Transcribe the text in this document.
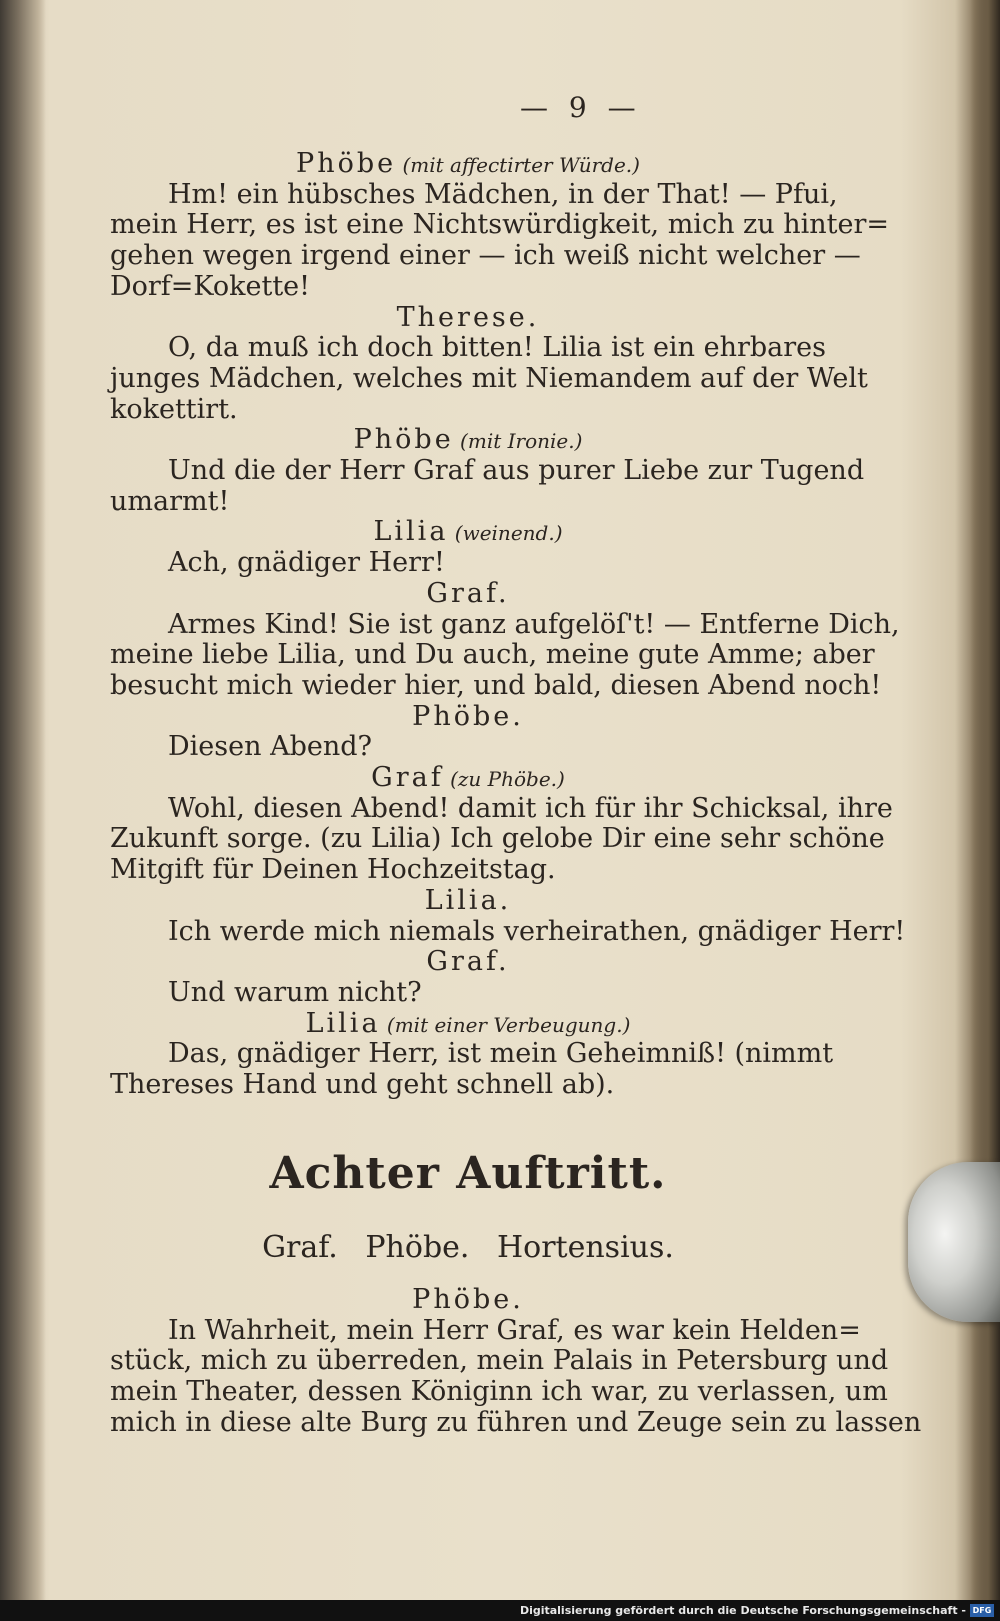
— 9 —
Phöbe (mit affectirter Würde.)
Hm! ein hübsches Mädchen, in der That! — Pfui,
mein Herr, es ist eine Nichtswürdigkeit, mich zu hinter=
gehen wegen irgend einer — ich weiß nicht welcher —
Dorf=Kokette!
Therese.
O, da muß ich doch bitten! Lilia ist ein ehrbares
junges Mädchen, welches mit Niemandem auf der Welt
kokettirt.
Phöbe (mit Ironie.)
Und die der Herr Graf aus purer Liebe zur Tugend
umarmt!
Lilia (weinend.)
Ach, gnädiger Herr!
Graf.
Armes Kind! Sie ist ganz aufgelöſ't! — Entferne Dich,
meine liebe Lilia, und Du auch, meine gute Amme; aber
besucht mich wieder hier, und bald, diesen Abend noch!
Phöbe.
Diesen Abend?
Graf (zu Phöbe.)
Wohl, diesen Abend! damit ich für ihr Schicksal, ihre
Zukunft sorge. (zu Lilia) Ich gelobe Dir eine sehr schöne
Mitgift für Deinen Hochzeitstag.
Lilia.
Ich werde mich niemals verheirathen, gnädiger Herr!
Graf.
Und warum nicht?
Lilia (mit einer Verbeugung.)
Das, gnädiger Herr, ist mein Geheimniß! (nimmt
Thereses Hand und geht schnell ab).
Achter Auftritt.
Graf. Phöbe. Hortensius.
Phöbe.
In Wahrheit, mein Herr Graf, es war kein Helden=
stück, mich zu überreden, mein Palais in Petersburg und
mein Theater, dessen Königinn ich war, zu verlassen, um
mich in diese alte Burg zu führen und Zeuge sein zu lassen
Digitalisierung gefördert durch die Deutsche Forschungsgemeinschaft - DFG
